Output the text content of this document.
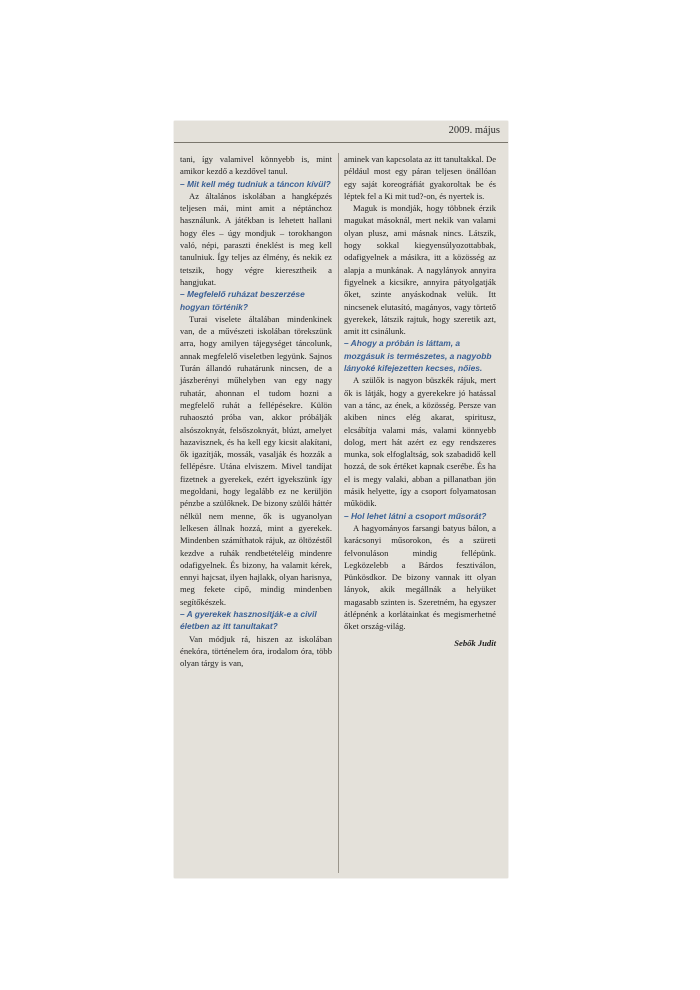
2009. május

tani, így valamivel könnyebb is, mint amikor kezdő a kezdővel tanul.

– Mit kell még tudniuk a táncon kívül?

Az általános iskolában a hangképzés teljesen mái, mint amit a néptánchoz használunk. A játékban is lehetett hallani hogy éles – úgy mondjuk – torokhangon való, népi, paraszti éneklést is meg kell tanulniuk. Így teljes az élmény, és nekik ez tetszik, hogy végre kieresztheik a hangjukat.

– Megfelelő ruházat beszerzése hogyan történik?

Turai viselete általában mindenkinek van, de a művészeti iskolában törekszünk arra, hogy amilyen tájegységet táncolunk, annak megfelelő viseletben legyünk. Sajnos Turán állandó ruhatárunk nincsen, de a jászberényi műhelyben van egy nagy ruhatár, ahonnan el tudom hozni a megfelelő ruhát a fellépésekre. Külön ruhaosztó próba van, akkor próbálják alsószoknyát, felsőszoknyát, blúzt, amelyet hazavisznek, és ha kell egy kicsit alakítani, ők igazítják, mossák, vasalják és hozzák a fellépésre. Utána elviszem. Mivel tandíjat fizetnek a gyerekek, ezért igyekszünk így megoldani, hogy legalább ez ne kerüljön pénzbe a szülőknek. De bizony szülői háttér nélkül nem menne, ők is ugyanolyan lelkesen állnak hozzá, mint a gyerekek. Mindenben számíthatok rájuk, az öltözéstől kezdve a ruhák rendbetételéig mindenre odafigyelnek. És bizony, ha valamit kérek, ennyi hajcsat, ilyen hajlakk, olyan harisnya, meg fekete cipő, mindig mindenben segítőkészek.

– A gyerekek hasznosítják-e a civil életben az itt tanultakat?

Van módjuk rá, hiszen az iskolában énekóra, történelem óra, irodalom óra, több olyan tárgy is van,

aminek van kapcsolata az itt tanultakkal. De például most egy páran teljesen önállóan egy saját koreográfiát gyakoroltak be és léptek fel a Ki mit tud?-on, és nyertek is.

Maguk is mondják, hogy többnek érzik magukat másoknál, mert nekik van valami olyan plusz, ami másnak nincs. Látszik, hogy sokkal kiegyensúlyozottabbak, odafigyelnek a másikra, itt a közösség az alapja a munkának. A nagylányok annyira figyelnek a kicsikre, annyira pátyolgatják őket, szinte anyáskodnak velük. Itt nincsenek elutasító, magányos, vagy törtető gyerekek, látszik rajtuk, hogy szeretik azt, amit itt csinálunk.

– Ahogy a próbán is láttam, a mozgásuk is természetes, a nagyobb lányoké kifejezetten kecses, nőies.

A szülők is nagyon büszkék rájuk, mert ők is látják, hogy a gyerekekre jó hatással van a tánc, az ének, a közösség. Persze van akiben nincs elég akarat, spiritusz, elcsábítja valami más, valami könnyebb dolog, mert hát azért ez egy rendszeres munka, sok elfoglaltság, sok szabadidő kell hozzá, de sok értéket kapnak cserébe. És ha el is megy valaki, abban a pillanatban jön másik helyette, így a csoport folyamatosan működik.

– Hol lehet látni a csoport műsorát?

A hagyományos farsangi batyus bálon, a karácsonyi műsorokon, és a szüreti felvonuláson mindig fellépünk. Legközelebb a Bárdos fesztiválon, Pünkösdkor. De bizony vannak itt olyan lányok, akik megállnák a helyüket magasabb szinten is. Szeretném, ha egyszer átlépnénk a korlátainkat és megismerhetné őket ország-világ.

Sebők Judit
